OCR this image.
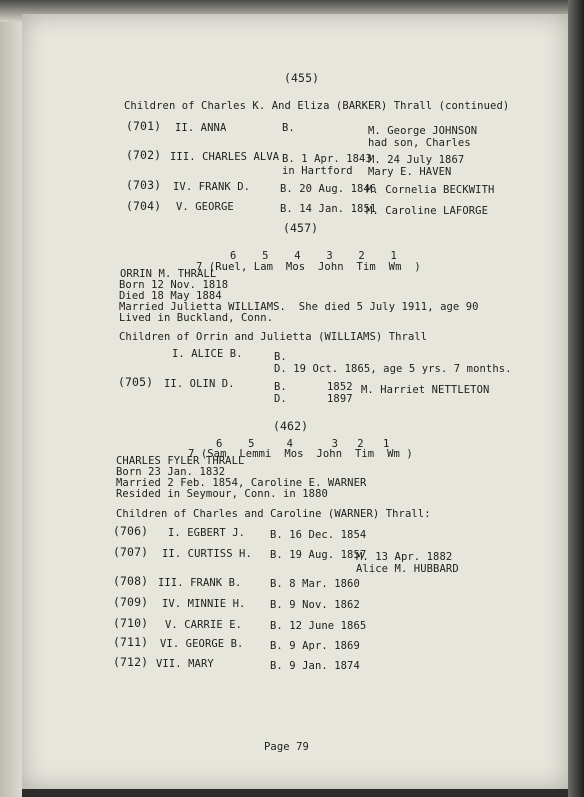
(455)
Children of Charles K. And Eliza (BARKER) Thrall (continued)
(701) II. ANNA	B.	M. George JOHNSON
had son, Charles
(702) III. CHARLES ALVA B. 1 Apr. 1843
in Hartford
M. 24 July 1867
Mary E. HAVEN
(703) IV. FRANK D.	B. 20 Aug. 1846
M. Cornelia BECKWITH
(704) V. GEORGE	B. 14 Jan. 1851
M. Caroline LAFORGE
(457)
6    5    4    3    2    1
7 (Ruel, Lam  Mos  John  Tim  Wm  )
ORRIN M. THRALL
Born 12 Nov. 1818
Died 18 May 1884
Married Julietta WILLIAMS.  She died 5 July 1911, age 90
Lived in Buckland, Conn.
Children of Orrin and Julietta (WILLIAMS) Thrall
I. ALICE B.	B.
D. 19 Oct. 1865, age 5 yrs. 7 months.
(705) II. OLIN D.	B.	1852
D.	1897
M. Harriet NETTLETON
(462)
6    5     4      3   2   1
7 (Sam  Lemmi  Mos  John  Tim  Wm )
CHARLES FYLER THRALL
Born 23 Jan. 1832
Married 2 Feb. 1854, Caroline E. WARNER
Resided in Seymour, Conn. in 1880
Children of Charles and Caroline (WARNER) Thrall:
(706) I. EGBERT J. B. 16 Dec. 1854
(707) II. CURTISS H. B. 19 Aug. 1857
M. 13 Apr. 1882
Alice M. HUBBARD
(708) III. FRANK B.	B. 8 Mar. 1860
(709) IV. MINNIE H. B. 9 Nov. 1862
(710) V. CARRIE E.	B. 12 June 1865
(711) VI. GEORGE B.	B. 9 Apr. 1869
(712) VII. MARY	B. 9 Jan. 1874
Page 79
